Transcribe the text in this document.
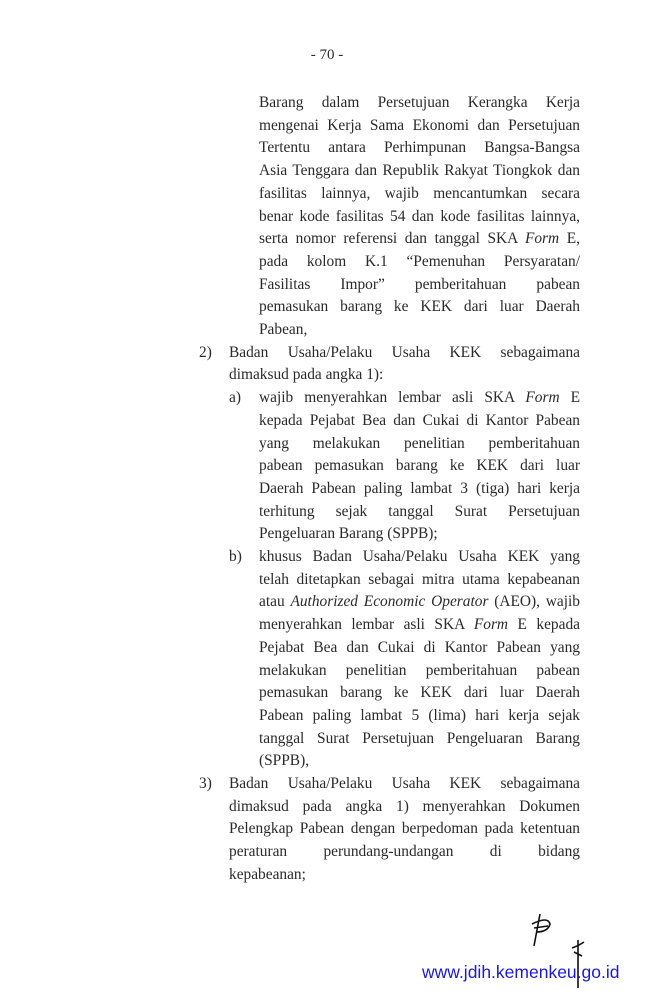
- 70 -
Barang dalam Persetujuan Kerangka Kerja
mengenai Kerja Sama Ekonomi dan Persetujuan
Tertentu antara Perhimpunan Bangsa-Bangsa
Asia Tenggara dan Republik Rakyat Tiongkok dan
fasilitas lainnya, wajib mencantumkan secara
benar kode fasilitas 54 dan kode fasilitas lainnya,
serta nomor referensi dan tanggal SKA Form E,
pada kolom K.1 “Pemenuhan Persyaratan/
Fasilitas Impor” pemberitahuan pabean
pemasukan barang ke KEK dari luar Daerah
Pabean,
2) Badan Usaha/Pelaku Usaha KEK sebagaimana
dimaksud pada angka 1):
a) wajib menyerahkan lembar asli SKA Form E
kepada Pejabat Bea dan Cukai di Kantor Pabean
yang melakukan penelitian pemberitahuan
pabean pemasukan barang ke KEK dari luar
Daerah Pabean paling lambat 3 (tiga) hari kerja
terhitung sejak tanggal Surat Persetujuan
Pengeluaran Barang (SPPB);
b) khusus Badan Usaha/Pelaku Usaha KEK yang
telah ditetapkan sebagai mitra utama kepabeanan
atau Authorized Economic Operator (AEO), wajib
menyerahkan lembar asli SKA Form E kepada
Pejabat Bea dan Cukai di Kantor Pabean yang
melakukan penelitian pemberitahuan pabean
pemasukan barang ke KEK dari luar Daerah
Pabean paling lambat 5 (lima) hari kerja sejak
tanggal Surat Persetujuan Pengeluaran Barang
(SPPB),
3) Badan Usaha/Pelaku Usaha KEK sebagaimana
dimaksud pada angka 1) menyerahkan Dokumen
Pelengkap Pabean dengan berpedoman pada ketentuan
peraturan perundang-undangan di bidang
kepabeanan;
www.jdih.kemenkeu.go.id
